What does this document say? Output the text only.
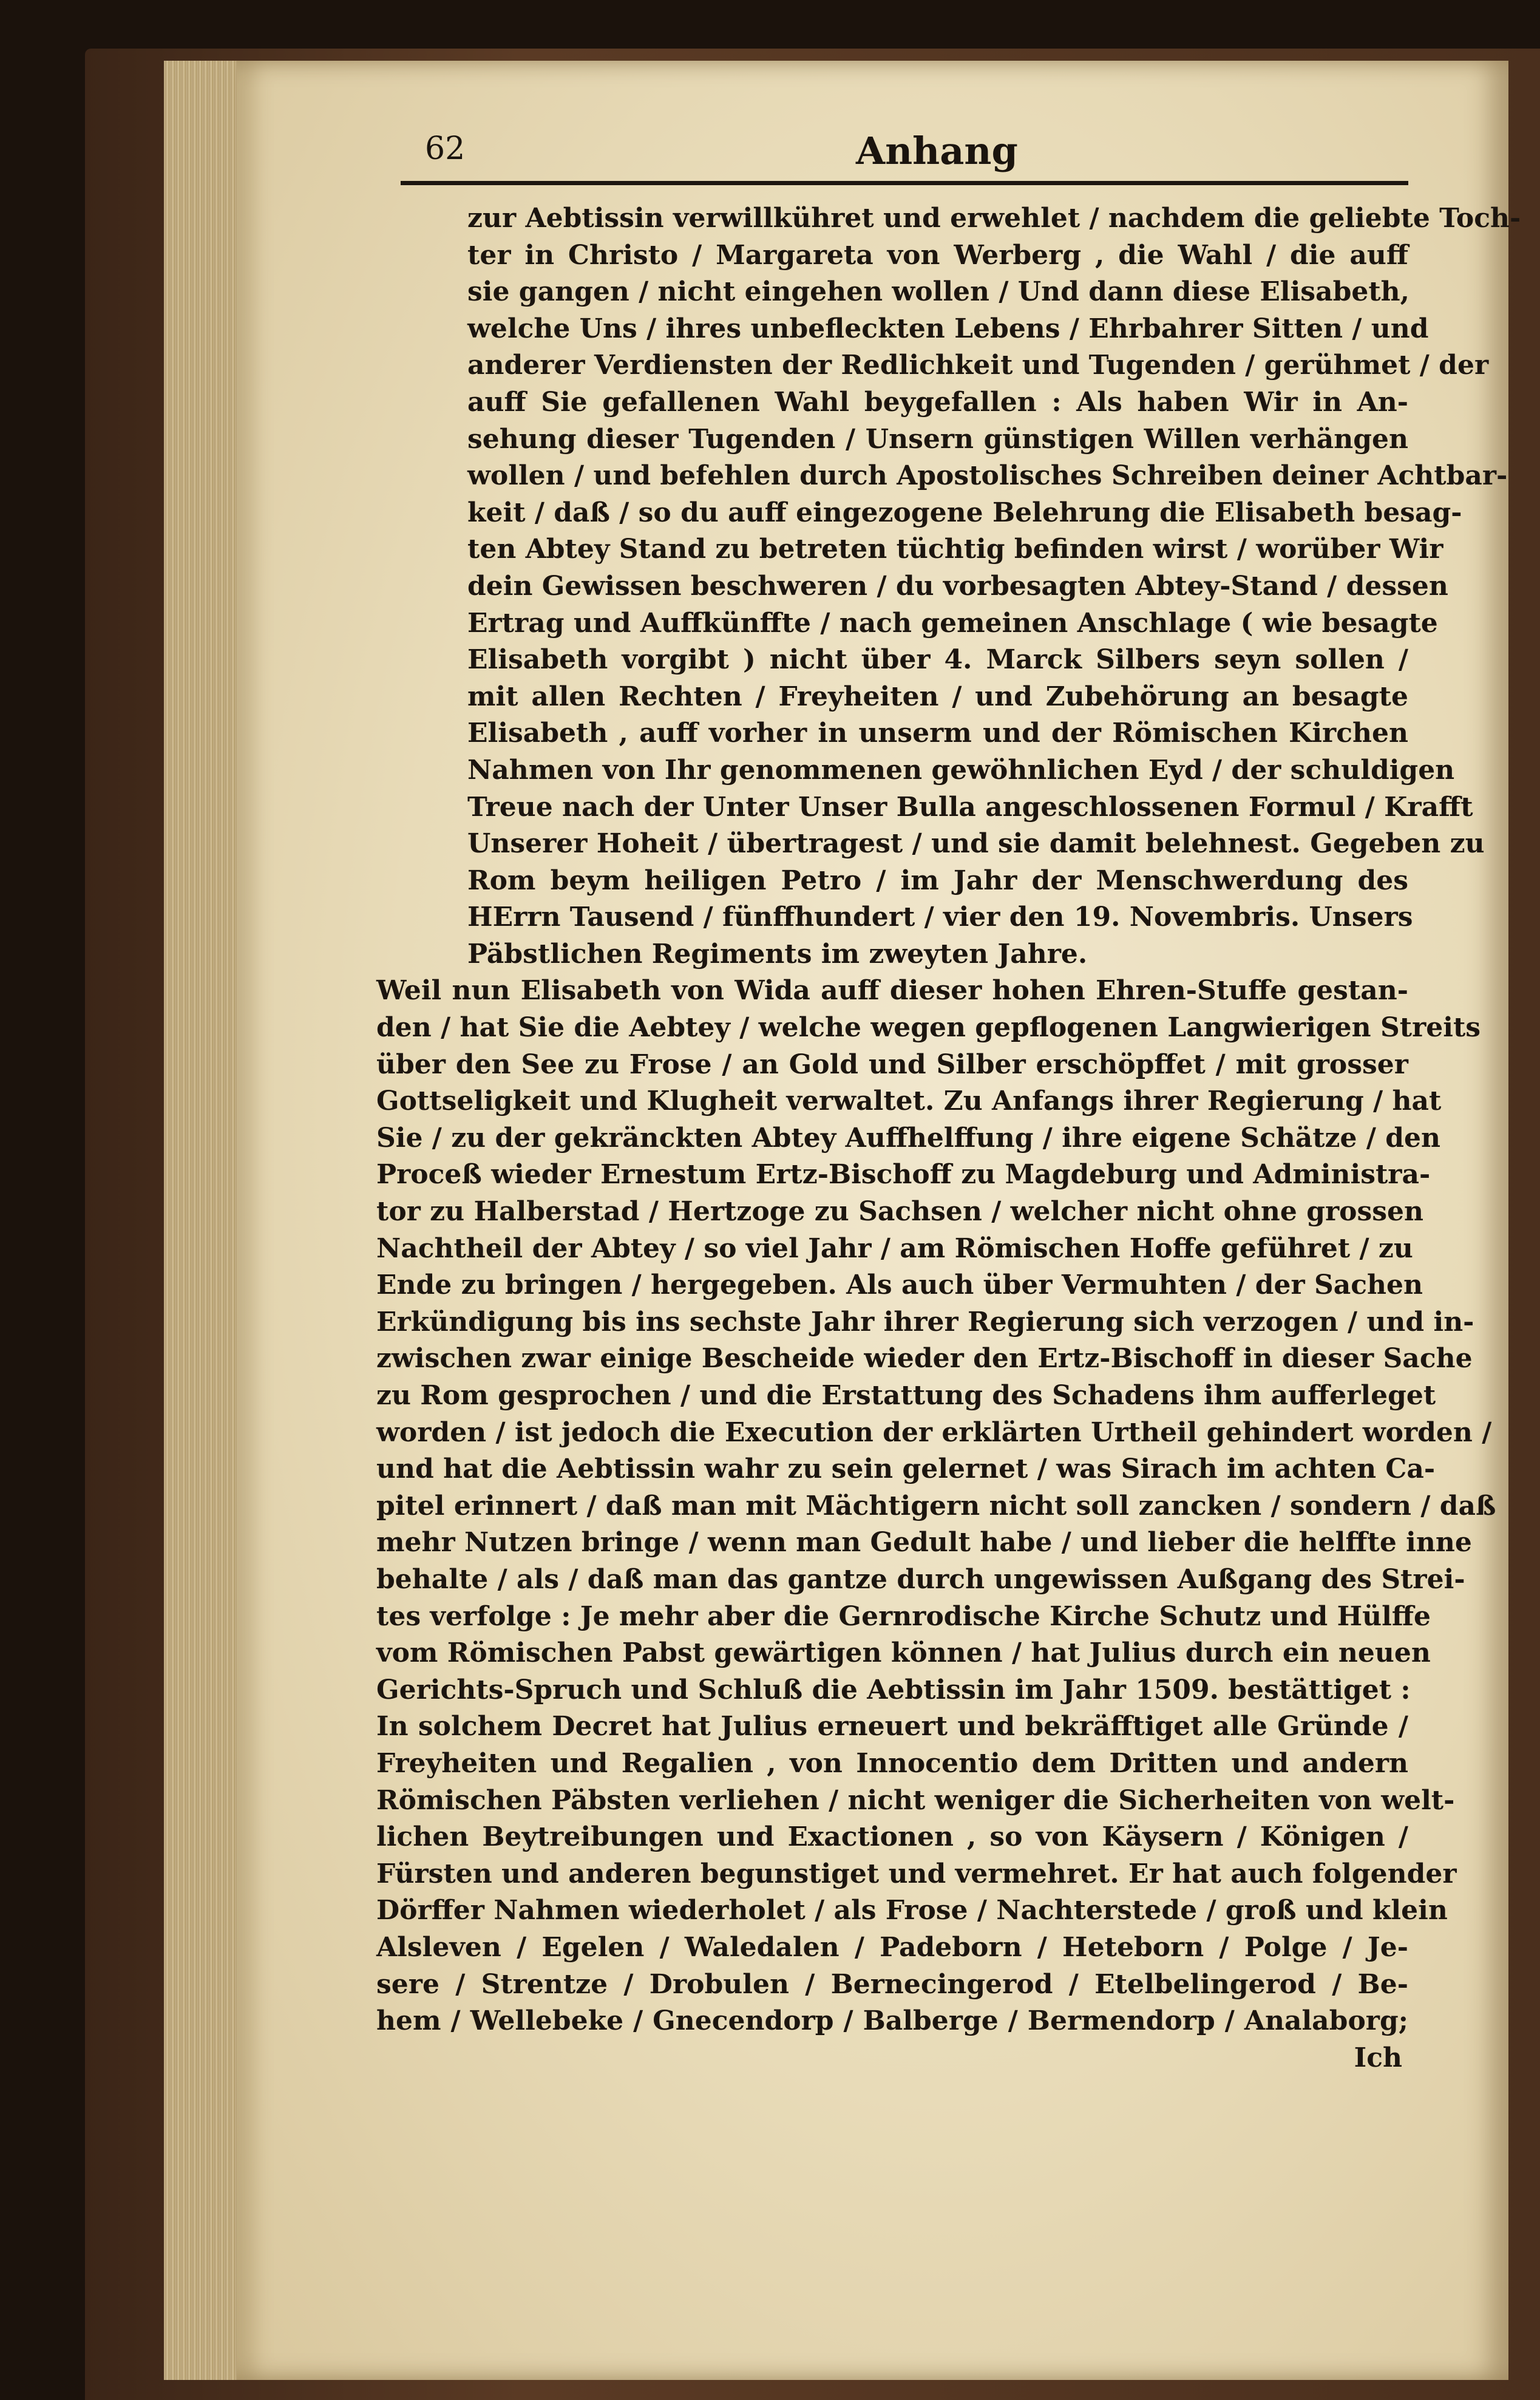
62	Anhang
zur Aebtissin verwillkühret und erwehlet / nachdem die geliebte Toch-
ter in Christo / Margareta von Werberg , die Wahl / die auff
sie gangen / nicht eingehen wollen / Und dann diese Elisabeth,
welche Uns / ihres unbefleckten Lebens / Ehrbahrer Sitten / und
anderer Verdiensten der Redlichkeit und Tugenden / gerühmet / der
auff Sie gefallenen Wahl beygefallen : Als haben Wir in An-
sehung dieser Tugenden / Unsern günstigen Willen verhängen
wollen / und befehlen durch Apostolisches Schreiben deiner Achtbar-
keit / daß / so du auff eingezogene Belehrung die Elisabeth besag-
ten Abtey Stand zu betreten tüchtig befinden wirst / worüber Wir
dein Gewissen beschweren / du vorbesagten Abtey-Stand / dessen
Ertrag und Auffkünffte / nach gemeinen Anschlage ( wie besagte
Elisabeth vorgibt ) nicht über 4. Marck Silbers seyn sollen /
mit allen Rechten / Freyheiten / und Zubehörung an besagte
Elisabeth , auff vorher in unserm und der Römischen Kirchen
Nahmen von Ihr genommenen gewöhnlichen Eyd / der schuldigen
Treue nach der Unter Unser Bulla angeschlossenen Formul / Krafft
Unserer Hoheit / übertragest / und sie damit belehnest. Gegeben zu
Rom beym heiligen Petro / im Jahr der Menschwerdung des
HErrn Tausend / fünffhundert / vier den 19. Novembris. Unsers
Päbstlichen Regiments im zweyten Jahre.
Weil nun Elisabeth von Wida auff dieser hohen Ehren-Stuffe gestan-
den / hat Sie die Aebtey / welche wegen gepflogenen Langwierigen Streits
über den See zu Frose / an Gold und Silber erschöpffet / mit grosser
Gottseligkeit und Klugheit verwaltet. Zu Anfangs ihrer Regierung / hat
Sie / zu der gekränckten Abtey Auffhelffung / ihre eigene Schätze / den
Proceß wieder Ernestum Ertz-Bischoff zu Magdeburg und Administra-
tor zu Halberstad / Hertzoge zu Sachsen / welcher nicht ohne grossen
Nachtheil der Abtey / so viel Jahr / am Römischen Hoffe geführet / zu
Ende zu bringen / hergegeben. Als auch über Vermuhten / der Sachen
Erkündigung bis ins sechste Jahr ihrer Regierung sich verzogen / und in-
zwischen zwar einige Bescheide wieder den Ertz-Bischoff in dieser Sache
zu Rom gesprochen / und die Erstattung des Schadens ihm aufferleget
worden / ist jedoch die Execution der erklärten Urtheil gehindert worden /
und hat die Aebtissin wahr zu sein gelernet / was Sirach im achten Ca-
pitel erinnert / daß man mit Mächtigern nicht soll zancken / sondern / daß
mehr Nutzen bringe / wenn man Gedult habe / und lieber die helffte inne
behalte / als / daß man das gantze durch ungewissen Außgang des Strei-
tes verfolge : Je mehr aber die Gernrodische Kirche Schutz und Hülffe
vom Römischen Pabst gewärtigen können / hat Julius durch ein neuen
Gerichts-Spruch und Schluß die Aebtissin im Jahr 1509. bestättiget :
In solchem Decret hat Julius erneuert und bekräfftiget alle Gründe /
Freyheiten und Regalien , von Innocentio dem Dritten und andern
Römischen Päbsten verliehen / nicht weniger die Sicherheiten von welt-
lichen Beytreibungen und Exactionen , so von Käysern / Königen /
Fürsten und anderen begunstiget und vermehret. Er hat auch folgender
Dörffer Nahmen wiederholet / als Frose / Nachterstede / groß und klein
Alsleven / Egelen / Waledalen / Padeborn / Heteborn / Polge / Je-
sere / Strentze / Drobulen / Bernecingerod / Etelbelingerod / Be-
hem / Wellebeke / Gnecendorp / Balberge / Bermendorp / Analaborg;
Ich
